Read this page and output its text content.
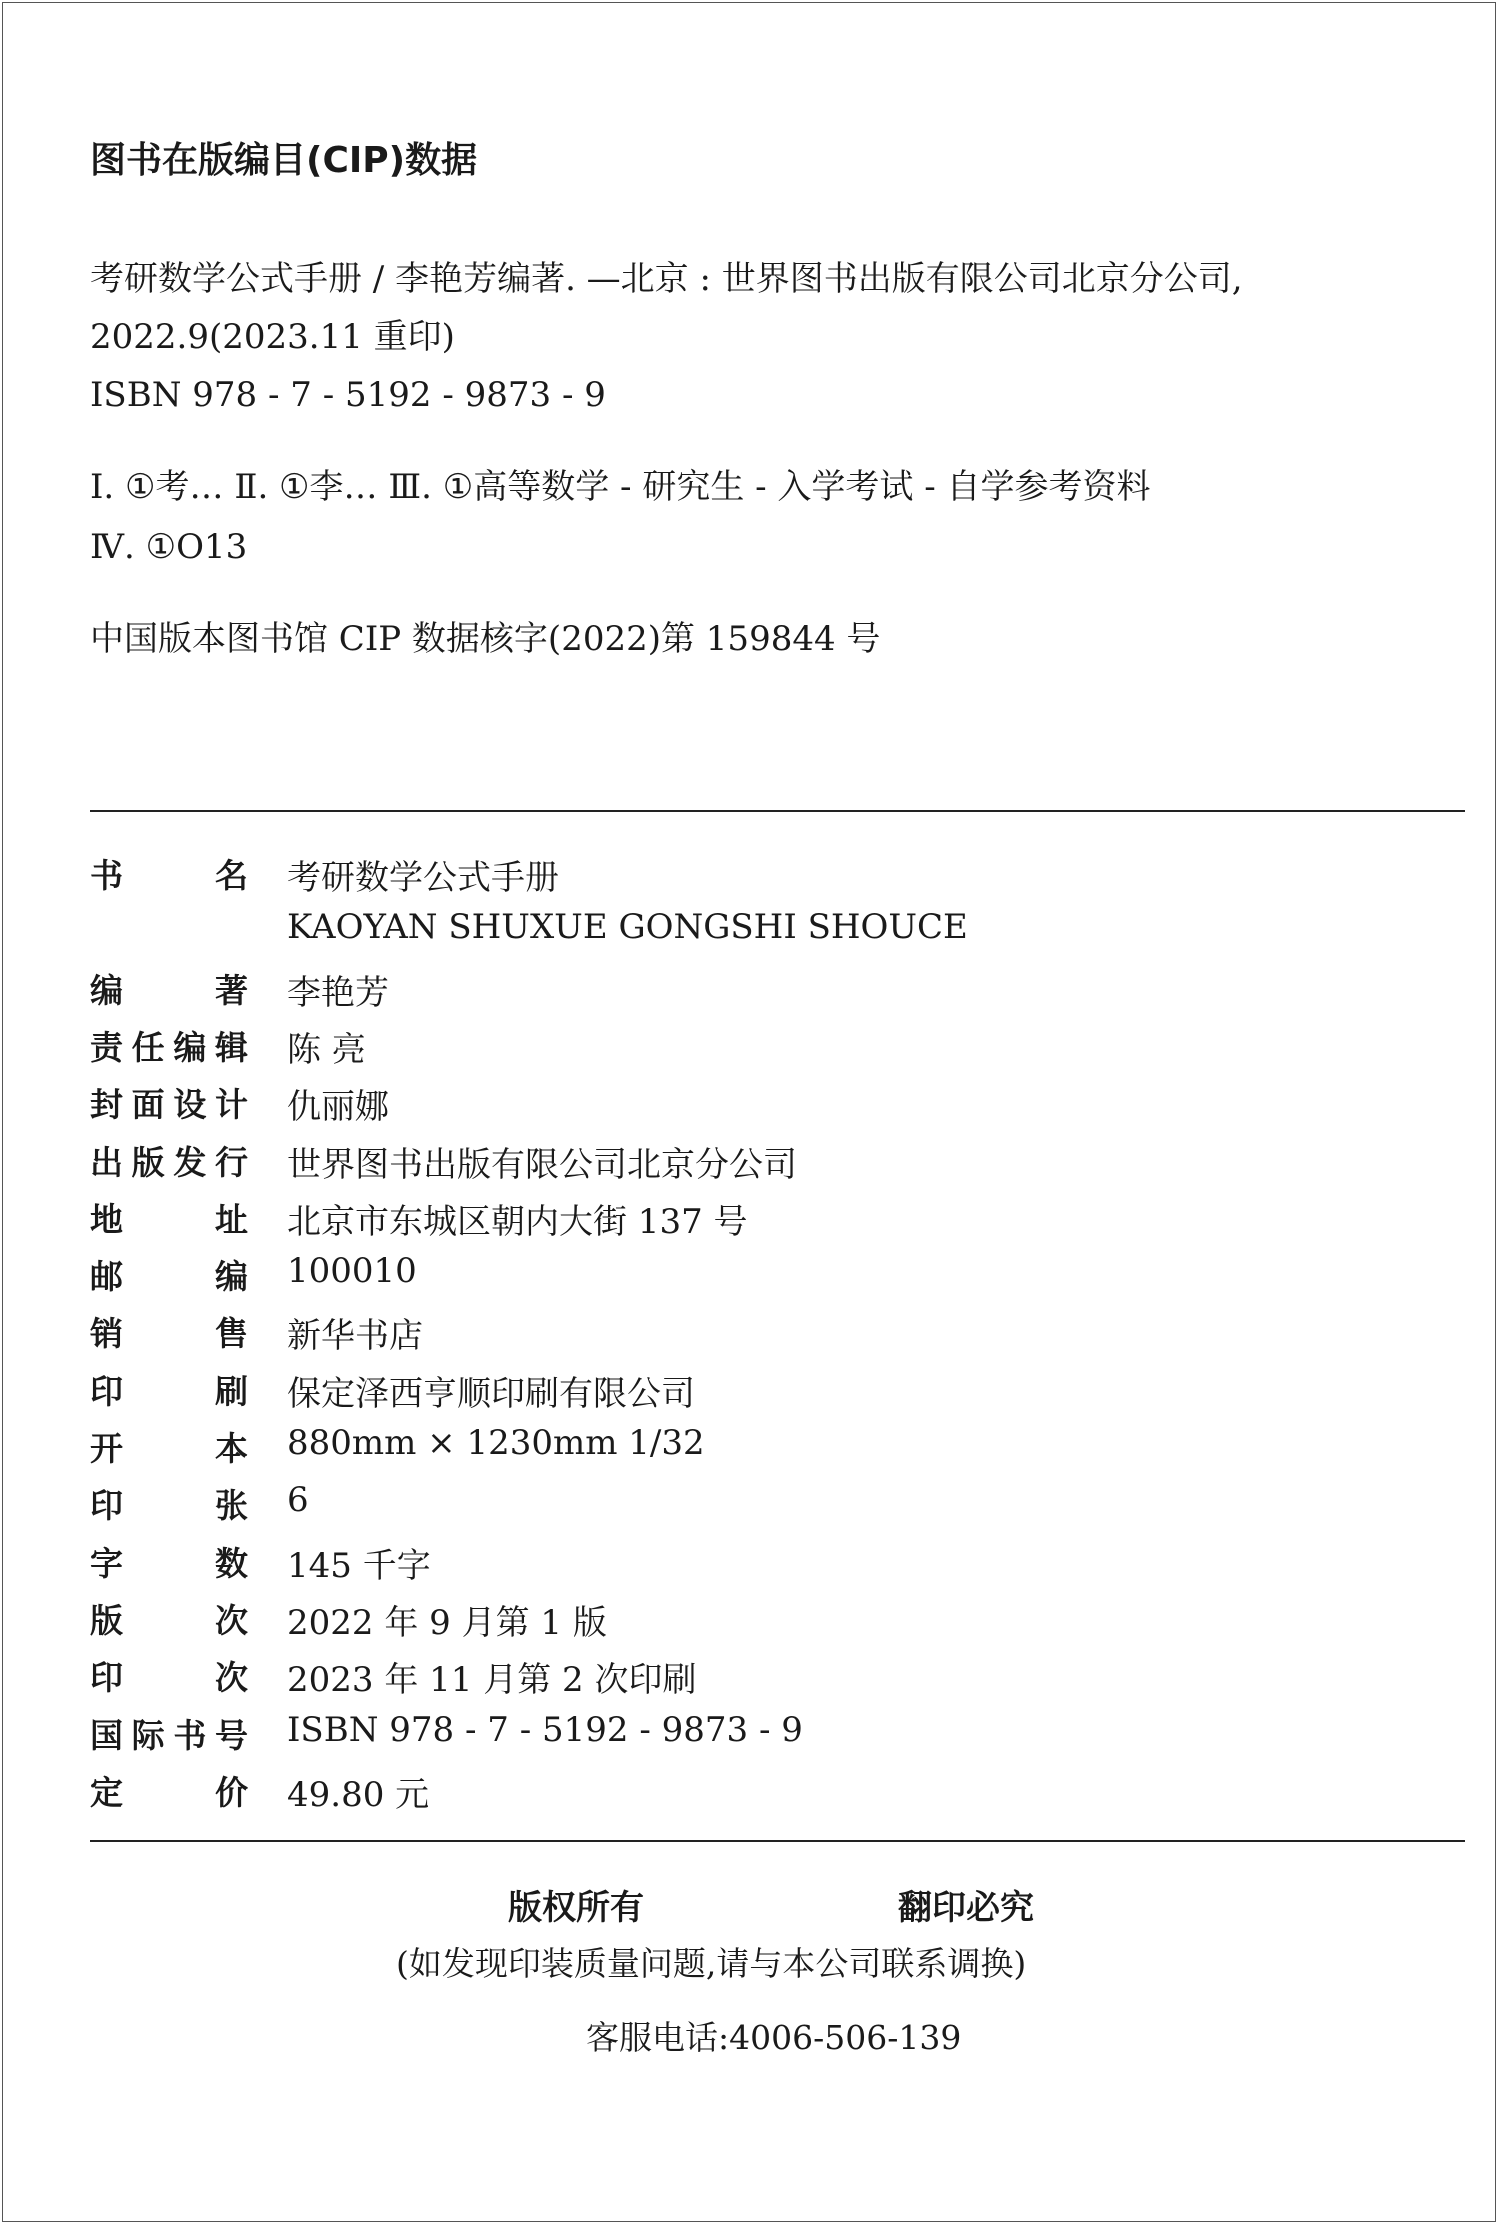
图书在版编目(CIP)数据
考研数学公式手册 / 李艳芳编著. —北京 : 世界图书出版有限公司北京分公司,
2022.9(2023.11 重印)
ISBN 978 - 7 - 5192 - 9873 - 9
Ⅰ. ①考… Ⅱ. ①李… Ⅲ. ①高等数学 - 研究生 - 入学考试 - 自学参考资料
Ⅳ. ①O13
中国版本图书馆 CIP 数据核字(2022)第 159844 号
书名 考研数学公式手册
KAOYAN SHUXUE GONGSHI SHOUCE
编著 李艳芳
责任编辑 陈 亮
封面设计 仇丽娜
出版发行 世界图书出版有限公司北京分公司
地址 北京市东城区朝内大街 137 号
邮编 100010
销售 新华书店
印刷 保定泽西亨顺印刷有限公司
开本 880mm × 1230mm 1/32
印张 6
字数 145 千字
版次 2022 年 9 月第 1 版
印次 2023 年 11 月第 2 次印刷
国际书号 ISBN 978 - 7 - 5192 - 9873 - 9
定价 49.80 元
版权所有	翻印必究
(如发现印装质量问题,请与本公司联系调换)
客服电话:4006-506-139
